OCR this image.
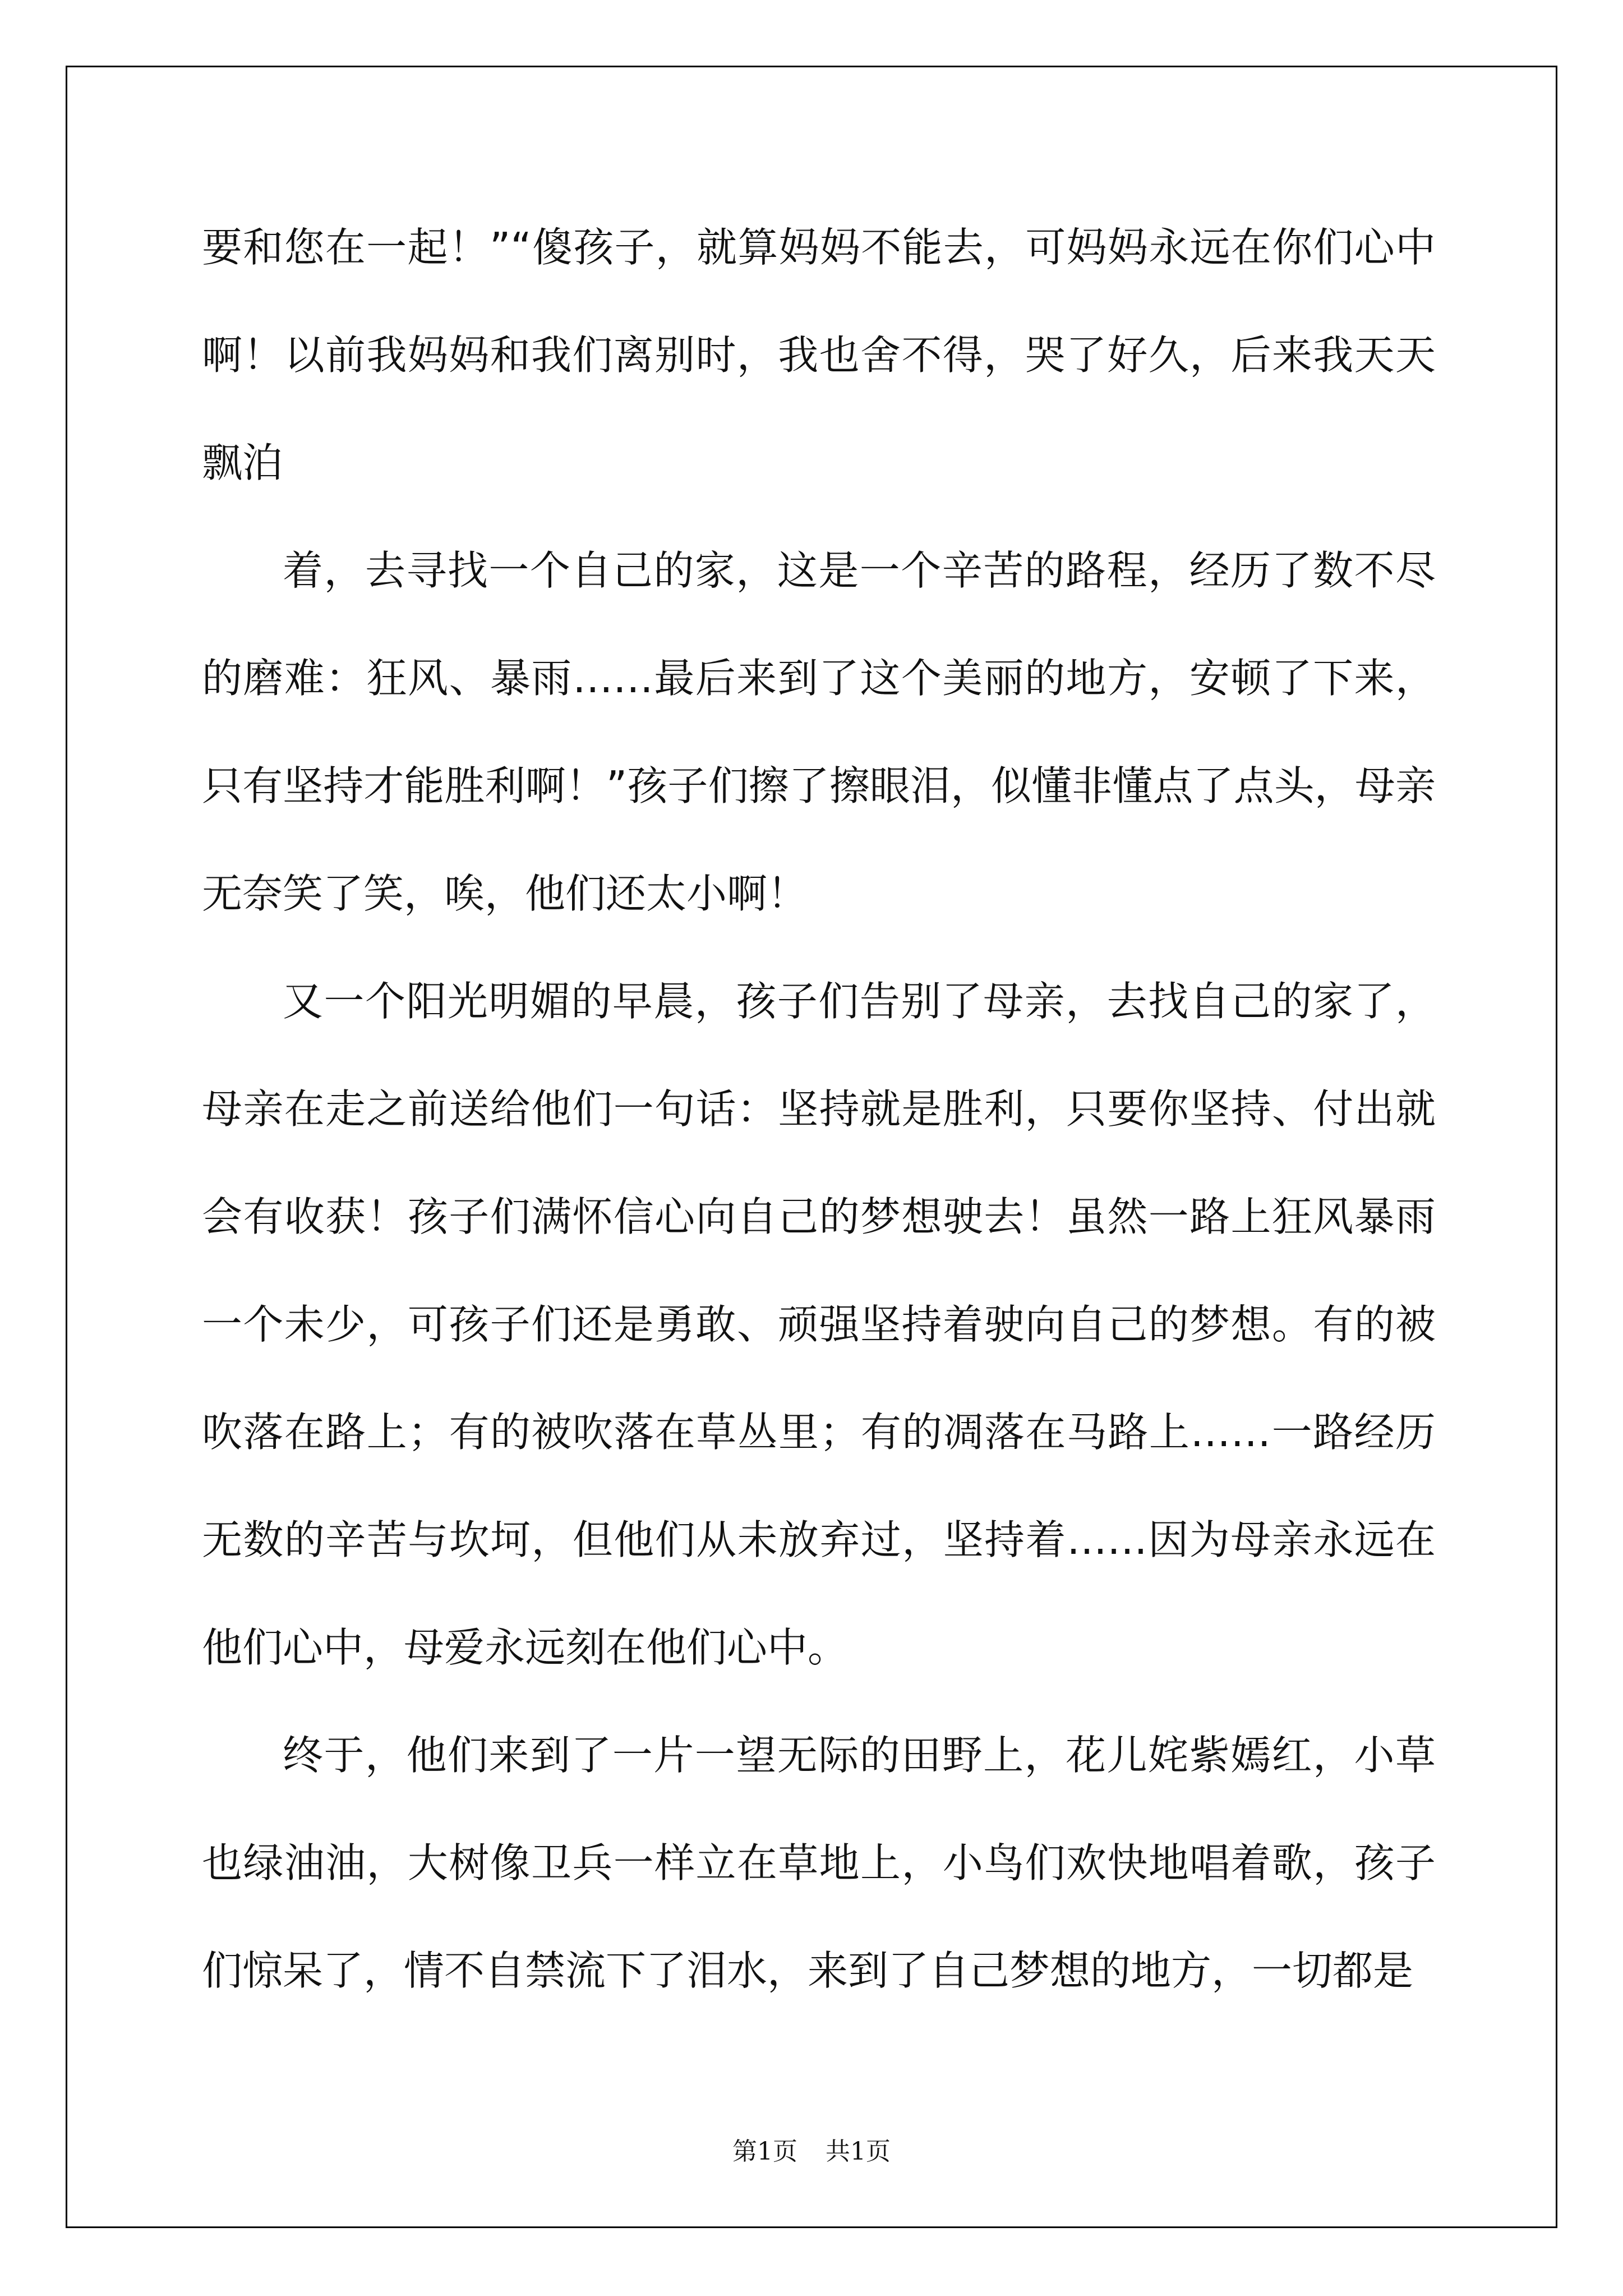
要和您在一起！”“傻孩子，就算妈妈不能去，可妈妈永远在你们心中啊！以前我妈妈和我们离别时，我也舍不得，哭了好久，后来我天天飘泊

着，去寻找一个自己的家，这是一个辛苦的路程，经历了数不尽的磨难：狂风、暴雨……最后来到了这个美丽的地方，安顿了下来，只有坚持才能胜利啊！”孩子们擦了擦眼泪，似懂非懂点了点头，母亲无奈笑了笑，唉，他们还太小啊！

又一个阳光明媚的早晨，孩子们告别了母亲，去找自己的家了，母亲在走之前送给他们一句话：坚持就是胜利，只要你坚持、付出就会有收获！孩子们满怀信心向自己的梦想驶去！虽然一路上狂风暴雨一个未少，可孩子们还是勇敢、顽强坚持着驶向自己的梦想。有的被吹落在路上；有的被吹落在草丛里；有的凋落在马路上……一路经历无数的辛苦与坎坷，但他们从未放弃过，坚持着……因为母亲永远在他们心中，母爱永远刻在他们心中。

终于，他们来到了一片一望无际的田野上，花儿姹紫嫣红，小草也绿油油，大树像卫兵一样立在草地上，小鸟们欢快地唱着歌，孩子们惊呆了，情不自禁流下了泪水，来到了自己梦想的地方，一切都是

第1页 共1页
